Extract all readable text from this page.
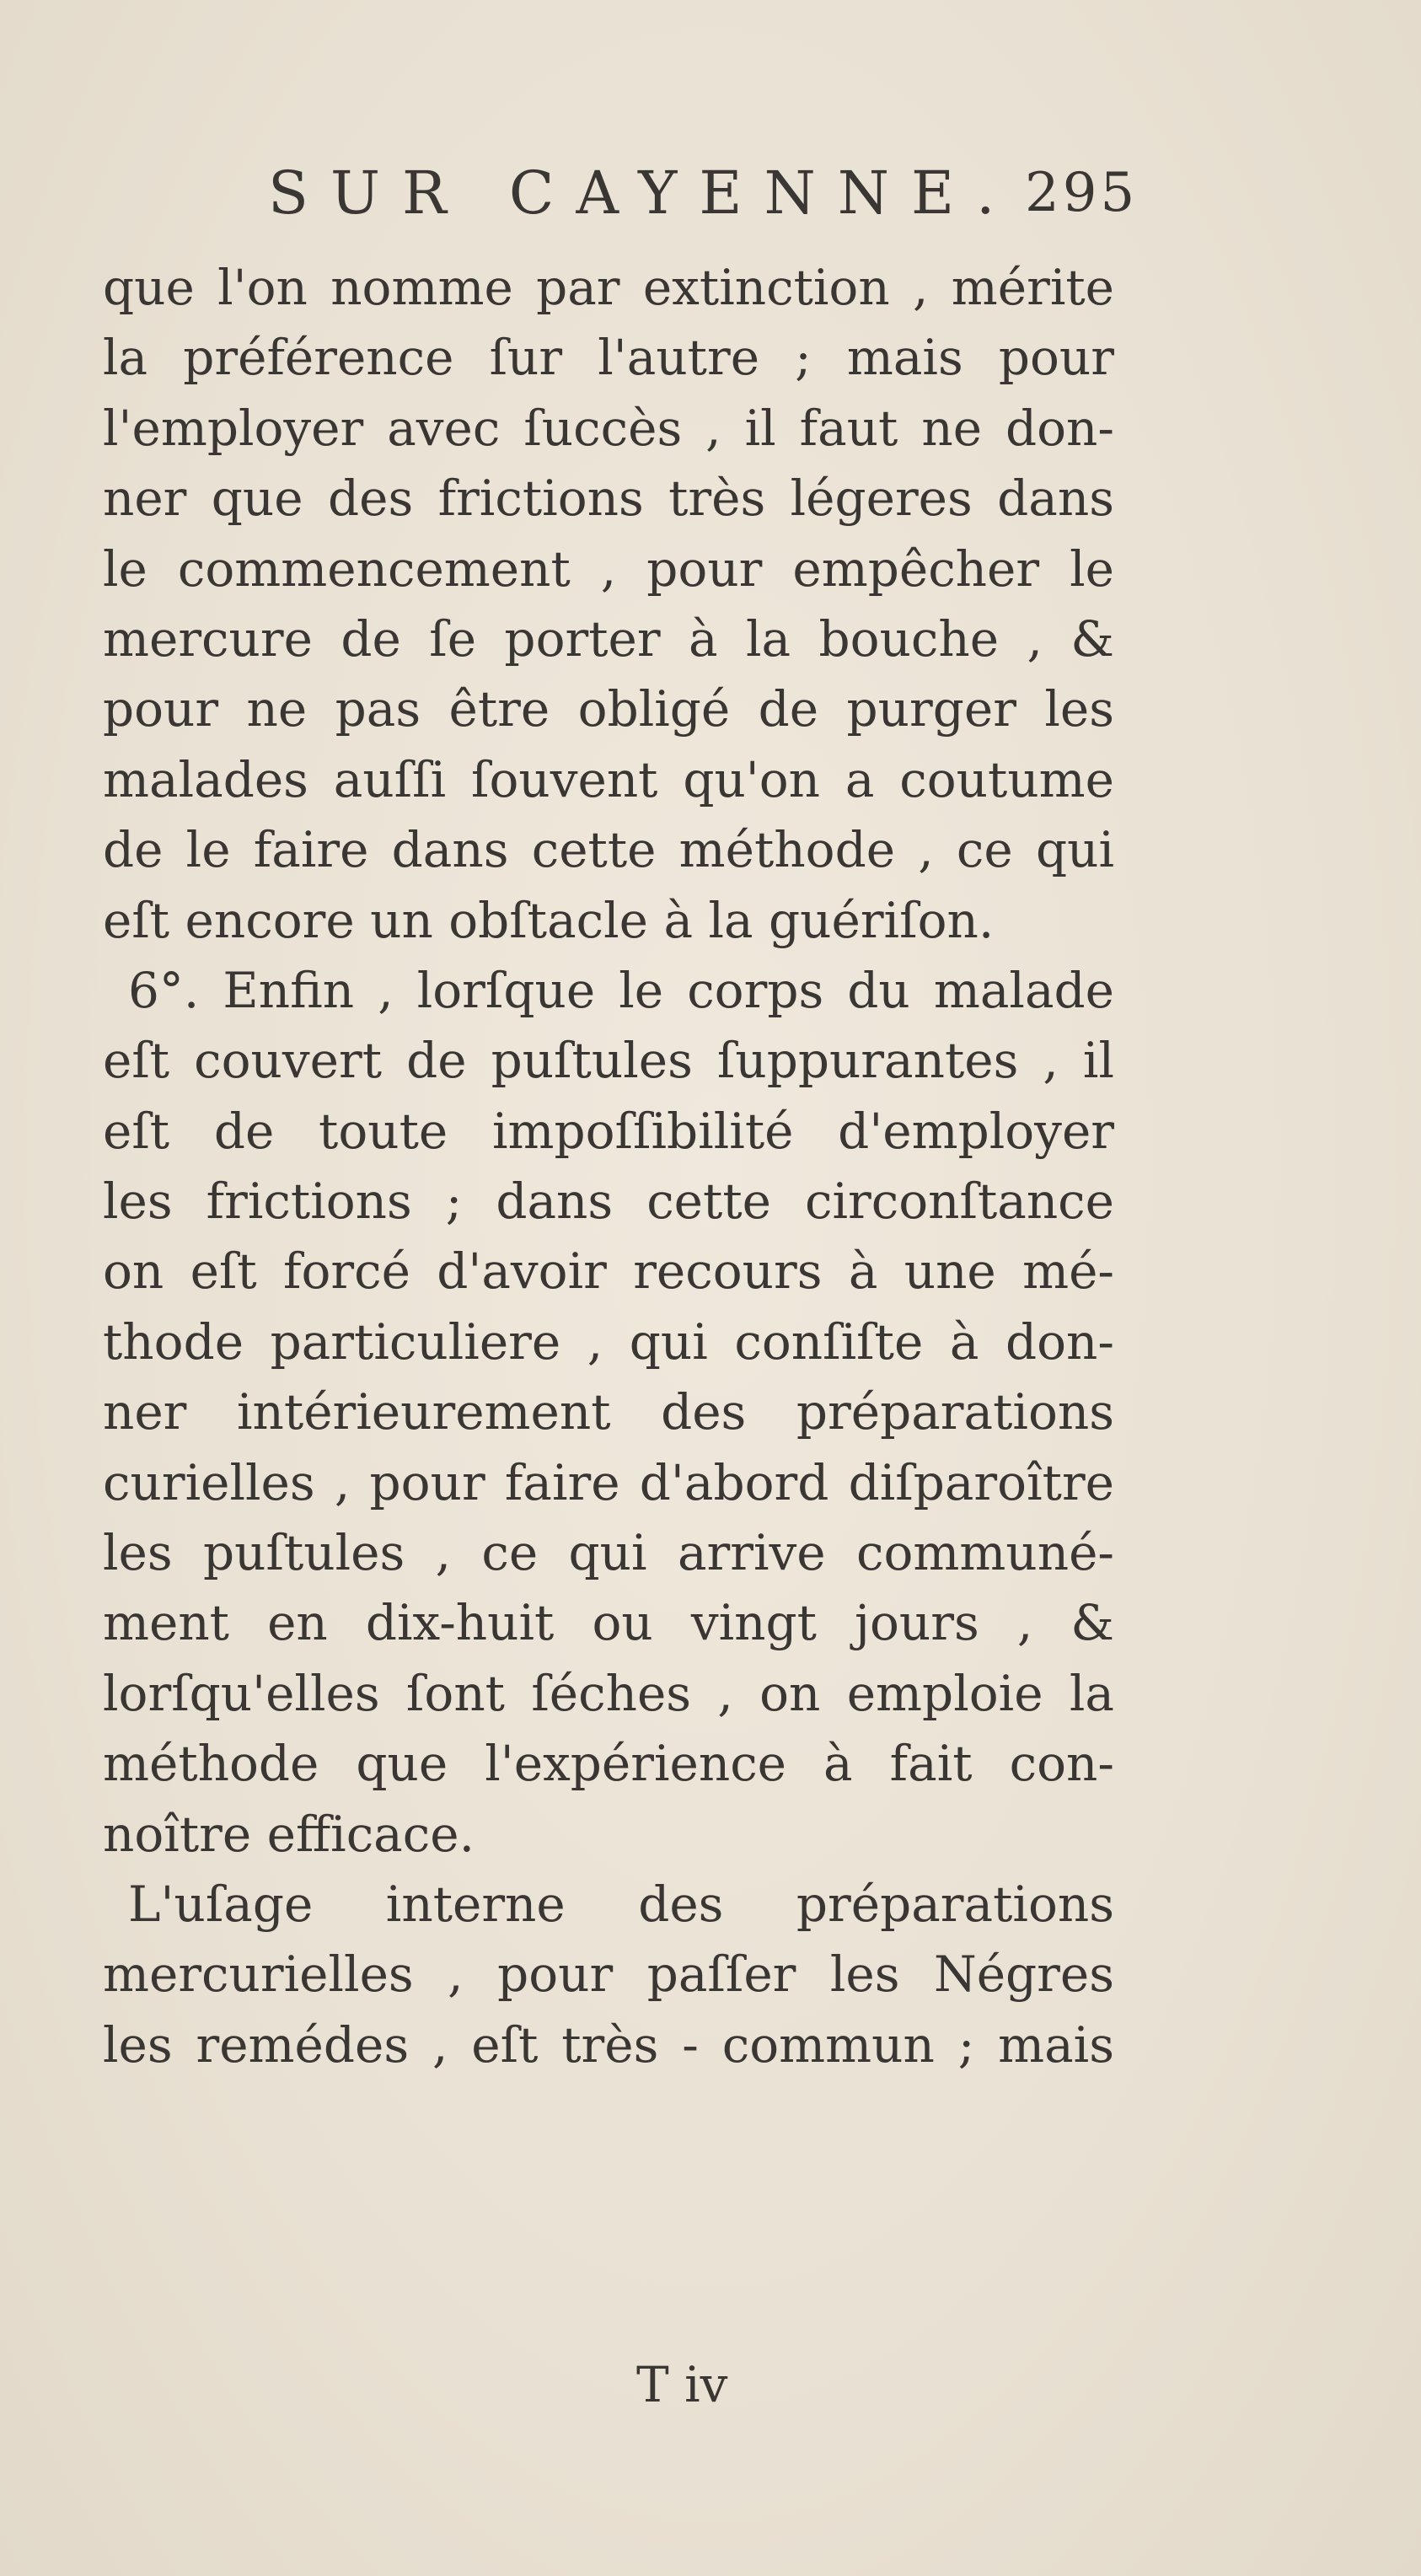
SUR CAYENNE. 295
que l'on nomme par extinction , mérite
la préférence ſur l'autre ; mais pour
l'employer avec ſuccès , il faut ne don-
ner que des frictions très légeres dans
le commencement , pour empêcher le
mercure de ſe porter à la bouche , &
pour ne pas être obligé de purger les
malades auſſi ſouvent qu'on a coutume
de le faire dans cette méthode , ce qui
eſt encore un obſtacle à la guériſon.
6°. Enfin , lorſque le corps du malade
eſt couvert de puſtules ſuppurantes , il
eſt de toute impoſſibilité d'employer
les frictions ; dans cette circonſtance
on eſt forcé d'avoir recours à une mé-
thode particuliere , qui conſiſte à don-
ner intérieurement des préparations
curielles , pour faire d'abord diſparoître
les puſtules , ce qui arrive communé-
ment en dix-huit ou vingt jours , &
lorſqu'elles ſont ſéches , on emploie la
méthode que l'expérience à fait con-
noître efficace.
L'uſage interne des préparations
mercurielles , pour paſſer les Négres
les remédes , eſt très - commun ; mais
T iv
